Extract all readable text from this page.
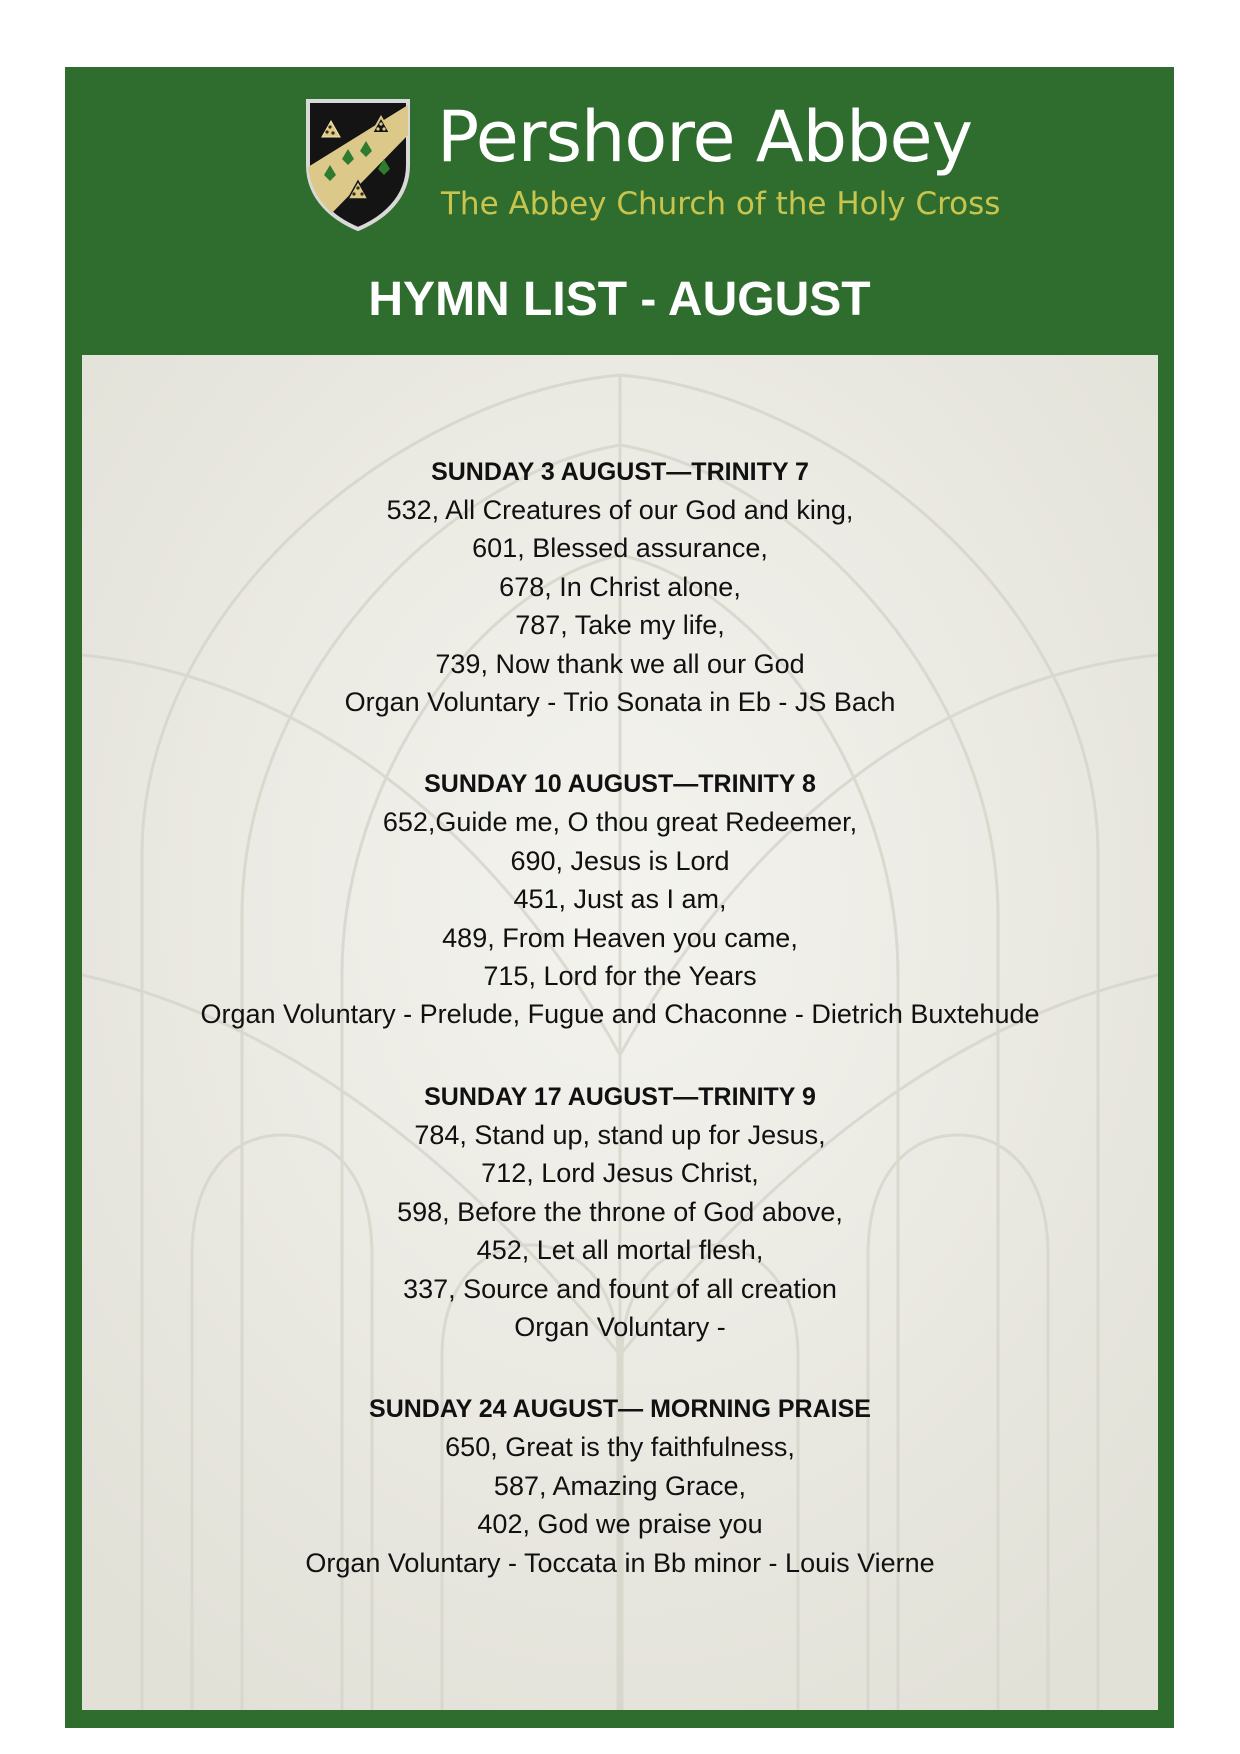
Pershore Abbey
The Abbey Church of the Holy Cross
HYMN LIST - AUGUST
SUNDAY 3 AUGUST—TRINITY 7

532, All Creatures of our God and king,

601, Blessed assurance,

678, In Christ alone,

787, Take my life,

739, Now thank we all our God

Organ Voluntary - Trio Sonata in Eb - JS Bach

SUNDAY 10 AUGUST—TRINITY 8

652,Guide me, O thou great Redeemer,

690, Jesus is Lord

451, Just as I am,

489, From Heaven you came,

715, Lord for the Years

Organ Voluntary - Prelude, Fugue and Chaconne - Dietrich Buxtehude

SUNDAY 17 AUGUST—TRINITY 9

784, Stand up, stand up for Jesus,

712, Lord Jesus Christ,

598, Before the throne of God above,

452, Let all mortal flesh,

337, Source and fount of all creation

Organ Voluntary -

SUNDAY 24 AUGUST— MORNING PRAISE

650, Great is thy faithfulness,

587, Amazing Grace,

402, God we praise you

Organ Voluntary - Toccata in Bb minor - Louis Vierne
